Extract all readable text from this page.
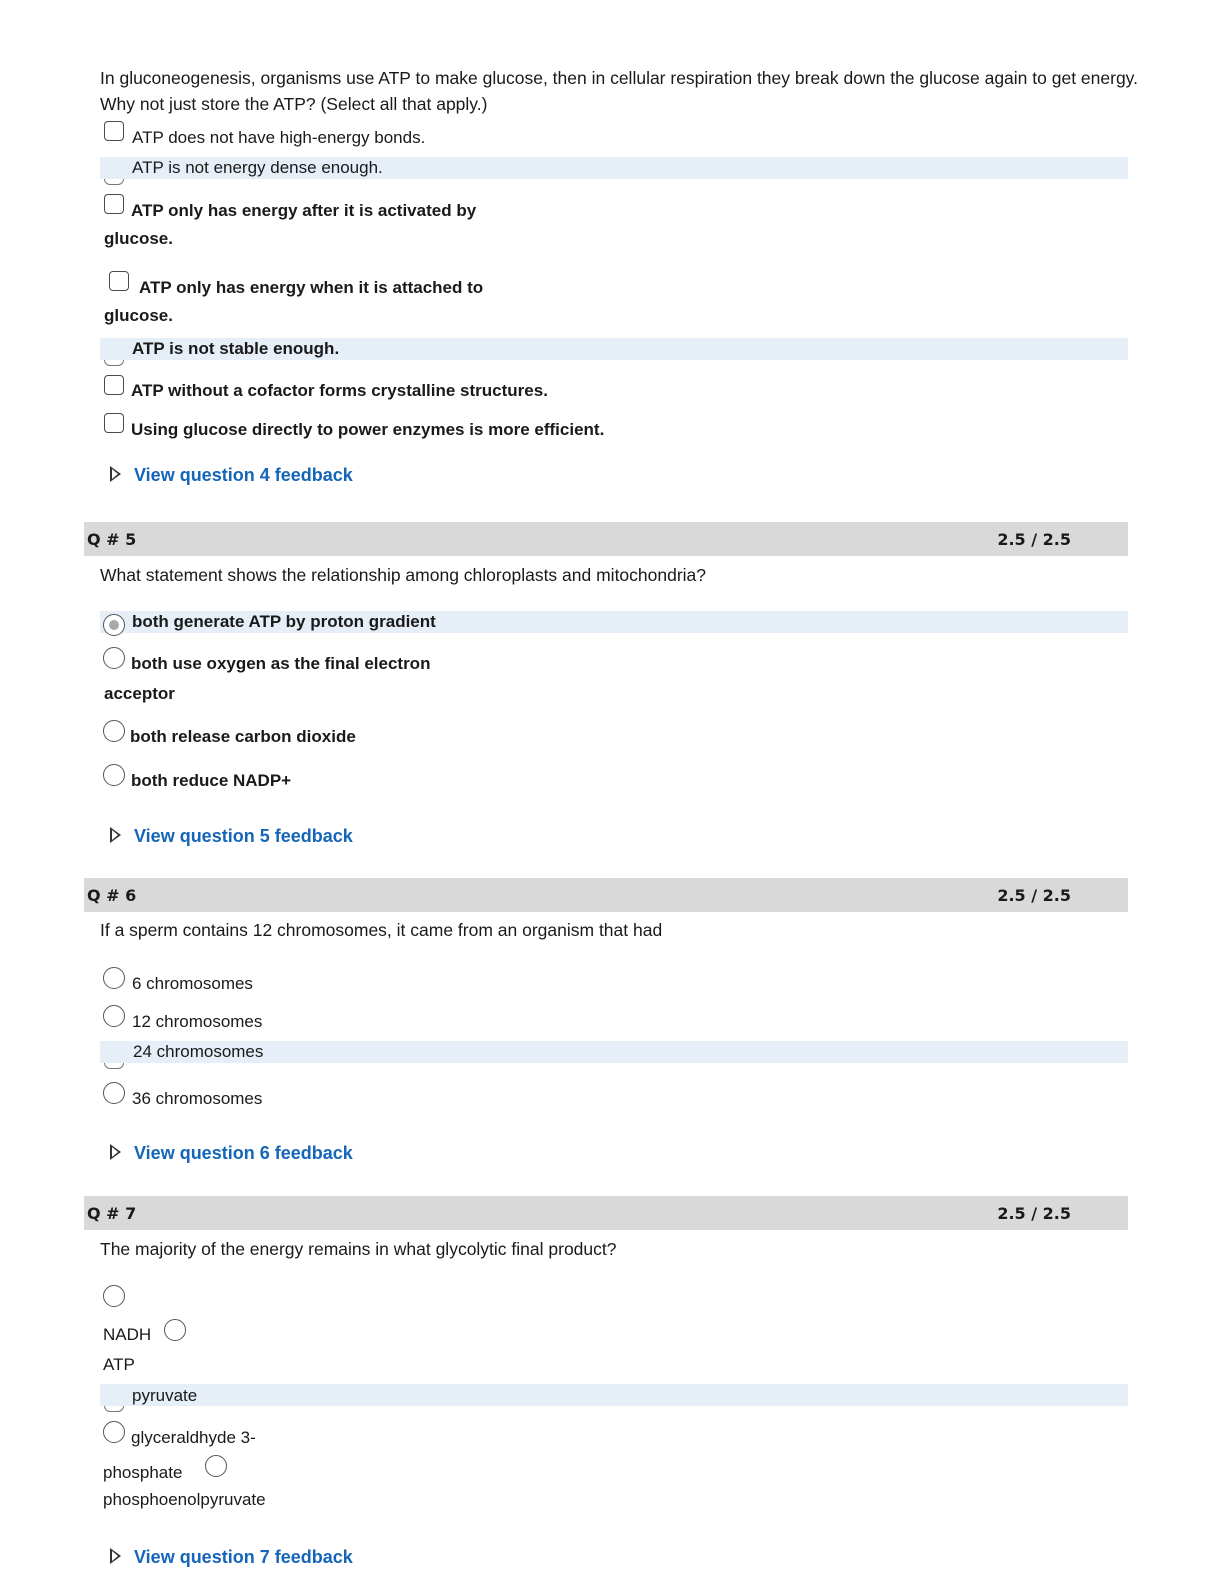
In gluconeogenesis, organisms use ATP to make glucose, then in cellular respiration they break down the glucose again to get energy. Why not just store the ATP? (Select all that apply.)
ATP does not have high-energy bonds.
ATP is not energy dense enough.
ATP only has energy after it is activated by
glucose.
ATP only has energy when it is attached to
glucose.
ATP is not stable enough.
ATP without a cofactor forms crystalline structures.
Using glucose directly to power enzymes is more efficient.
View question 4 feedback
Q # 5	2.5 / 2.5
What statement shows the relationship among chloroplasts and mitochondria?
both generate ATP by proton gradient
both use oxygen as the final electron
acceptor
both release carbon dioxide
both reduce NADP+
View question 5 feedback
Q # 6	2.5 / 2.5
If a sperm contains 12 chromosomes, it came from an organism that had
6 chromosomes
12 chromosomes
24 chromosomes
36 chromosomes
View question 6 feedback
Q # 7	2.5 / 2.5
The majority of the energy remains in what glycolytic final product?
NADH
ATP
pyruvate
glyceraldhyde 3-
phosphate
phosphoenolpyruvate
View question 7 feedback
